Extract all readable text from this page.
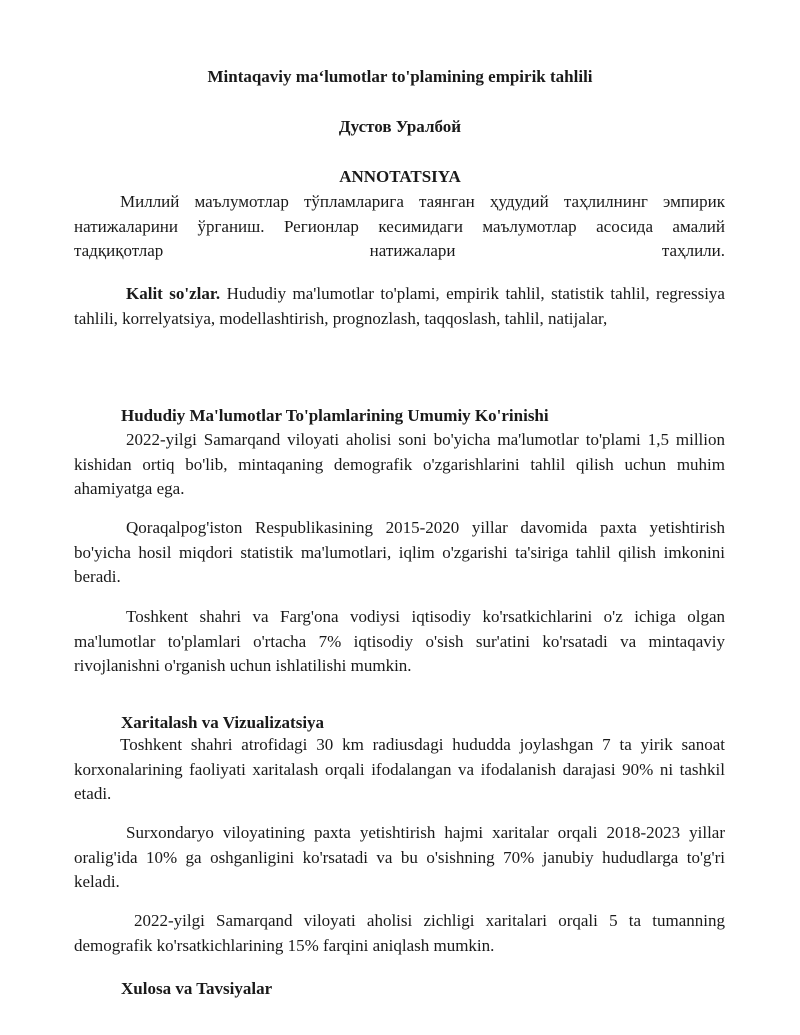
Mintaqaviy maʻlumotlar to'plamining empirik tahlili
Дустов Уралбой
ANNOTATSIYA

Миллий маълумотлар тўпламларига таянган ҳудудий таҳлилнинг эмпирик натижаларини ўрганиш. Регионлар кесимидаги маълумотлар асосида амалий тадқиқотлар натижалари таҳлили.

Kalit so'zlar. Hududiy ma'lumotlar to'plami, empirik tahlil, statistik tahlil, regressiya tahlili, korrelyatsiya, modellashtirish, prognozlash, taqqoslash, tahlil, natijalar,

Hududiy Ma'lumotlar To'plamlarining Umumiy Ko'rinishi

2022-yilgi Samarqand viloyati aholisi soni bo'yicha ma'lumotlar to'plami 1,5 million kishidan ortiq bo'lib, mintaqaning demografik o'zgarishlarini tahlil qilish uchun muhim ahamiyatga ega.

Qoraqalpog'iston Respublikasining 2015-2020 yillar davomida paxta yetishtirish bo'yicha hosil miqdori statistik ma'lumotlari, iqlim o'zgarishi ta'siriga tahlil qilish imkonini beradi.

Toshkent shahri va Farg'ona vodiysi iqtisodiy ko'rsatkichlarini o'z ichiga olgan ma'lumotlar to'plamlari o'rtacha 7% iqtisodiy o'sish sur'atini ko'rsatadi va mintaqaviy rivojlanishni o'rganish uchun ishlatilishi mumkin.

Xaritalash va Vizualizatsiya

Toshkent shahri atrofidagi 30 km radiusdagi hududda joylashgan 7 ta yirik sanoat korxonalarining faoliyati xaritalash orqali ifodalangan va ifodalanish darajasi 90% ni tashkil etadi.

Surxondaryo viloyatining paxta yetishtirish hajmi xaritalar orqali 2018-2023 yillar oralig'ida 10% ga oshganligini ko'rsatadi va bu o'sishning 70% janubiy hududlarga to'g'ri keladi.

2022-yilgi Samarqand viloyati aholisi zichligi xaritalari orqali 5 ta tumanning demografik ko'rsatkichlarining 15% farqini aniqlash mumkin.

Xulosa va Tavsiyalar
